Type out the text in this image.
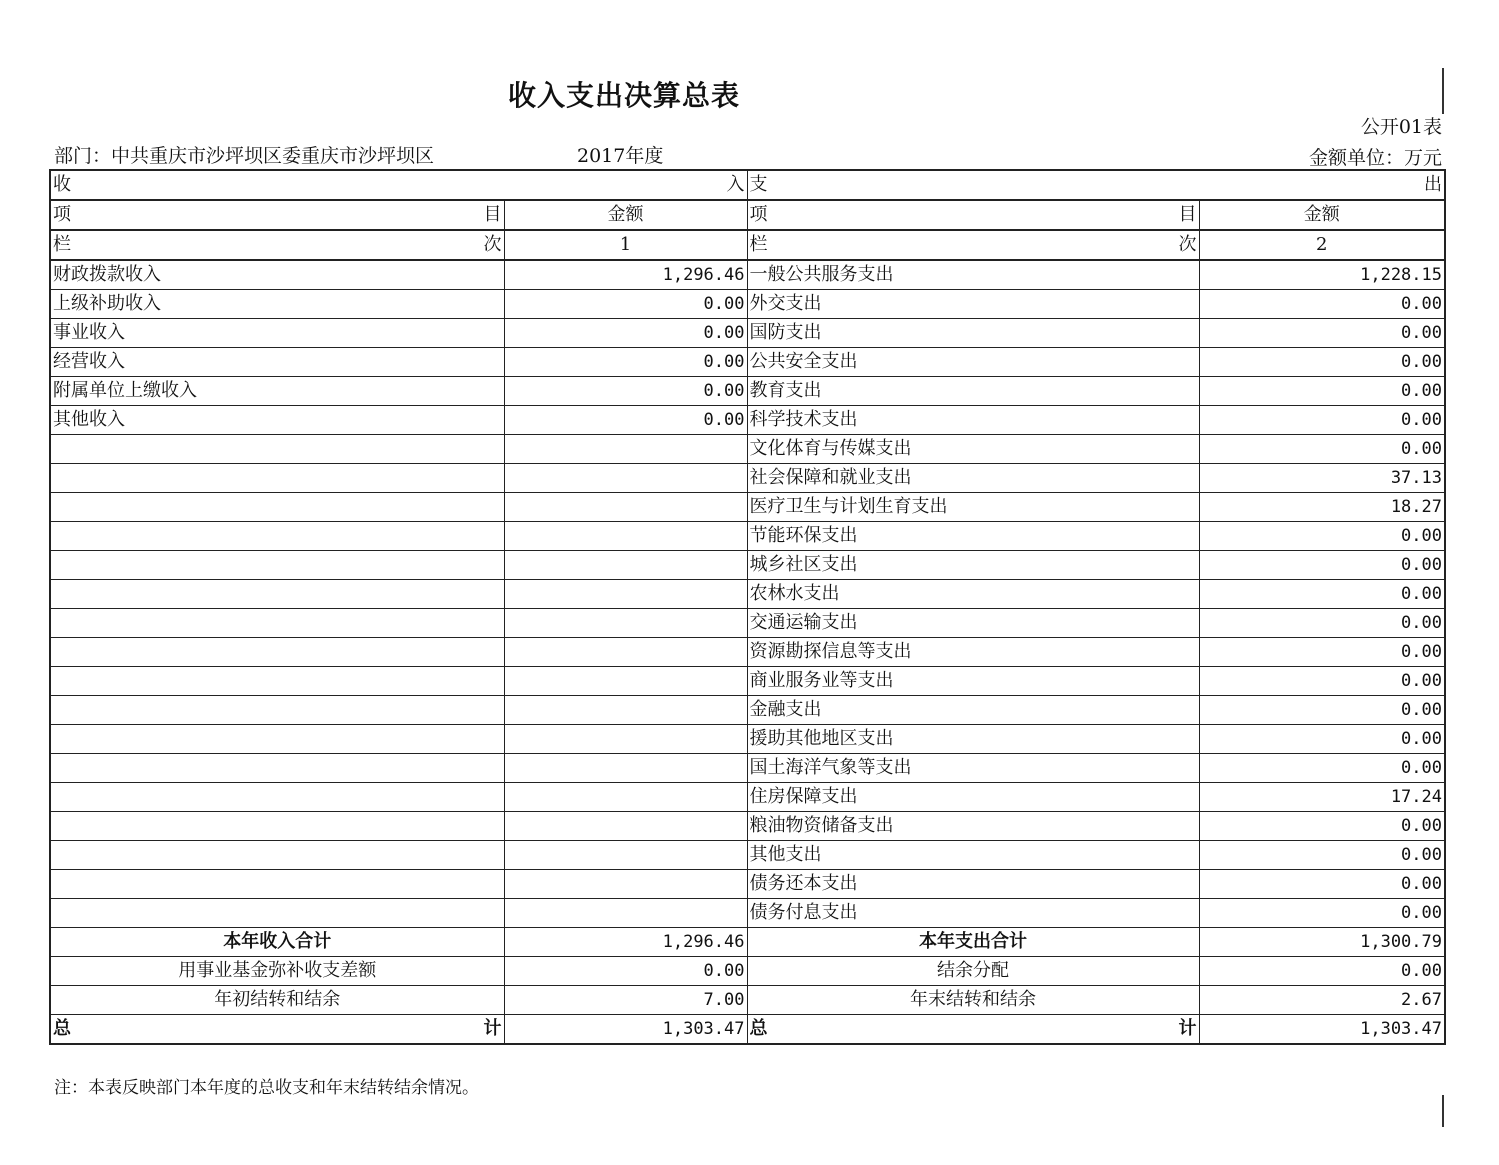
收入支出决算总表
公开01表
部门：中共重庆市沙坪坝区委重庆市沙坪坝区	2017年度	金额单位：万元
收 入		支 出	

项 目	金额	项 目	金额

栏 次	1	栏 次	2
财政拨款收入	1,296.46	一般公共服务支出	1,228.15
上级补助收入	0.00	外交支出	0.00
事业收入	0.00	国防支出	0.00
经营收入	0.00	公共安全支出	0.00
附属单位上缴收入	0.00	教育支出	0.00
其他收入	0.00	科学技术支出	0.00
		文化体育与传媒支出	0.00
		社会保障和就业支出	37.13
		医疗卫生与计划生育支出	18.27
		节能环保支出	0.00
		城乡社区支出	0.00
		农林水支出	0.00
		交通运输支出	0.00
		资源勘探信息等支出	0.00
		商业服务业等支出	0.00
		金融支出	0.00
		援助其他地区支出	0.00
		国土海洋气象等支出	0.00
		住房保障支出	17.24
		粮油物资储备支出	0.00
		其他支出	0.00
		债务还本支出	0.00
		债务付息支出	0.00
本年收入合计	1,296.46	本年支出合计	1,300.79
用事业基金弥补收支差额	0.00	结余分配	0.00
年初结转和结余	7.00	年末结转和结余	2.67

总 计	1,303.47	总 计	1,303.47
注：本表反映部门本年度的总收支和年末结转结余情况。
